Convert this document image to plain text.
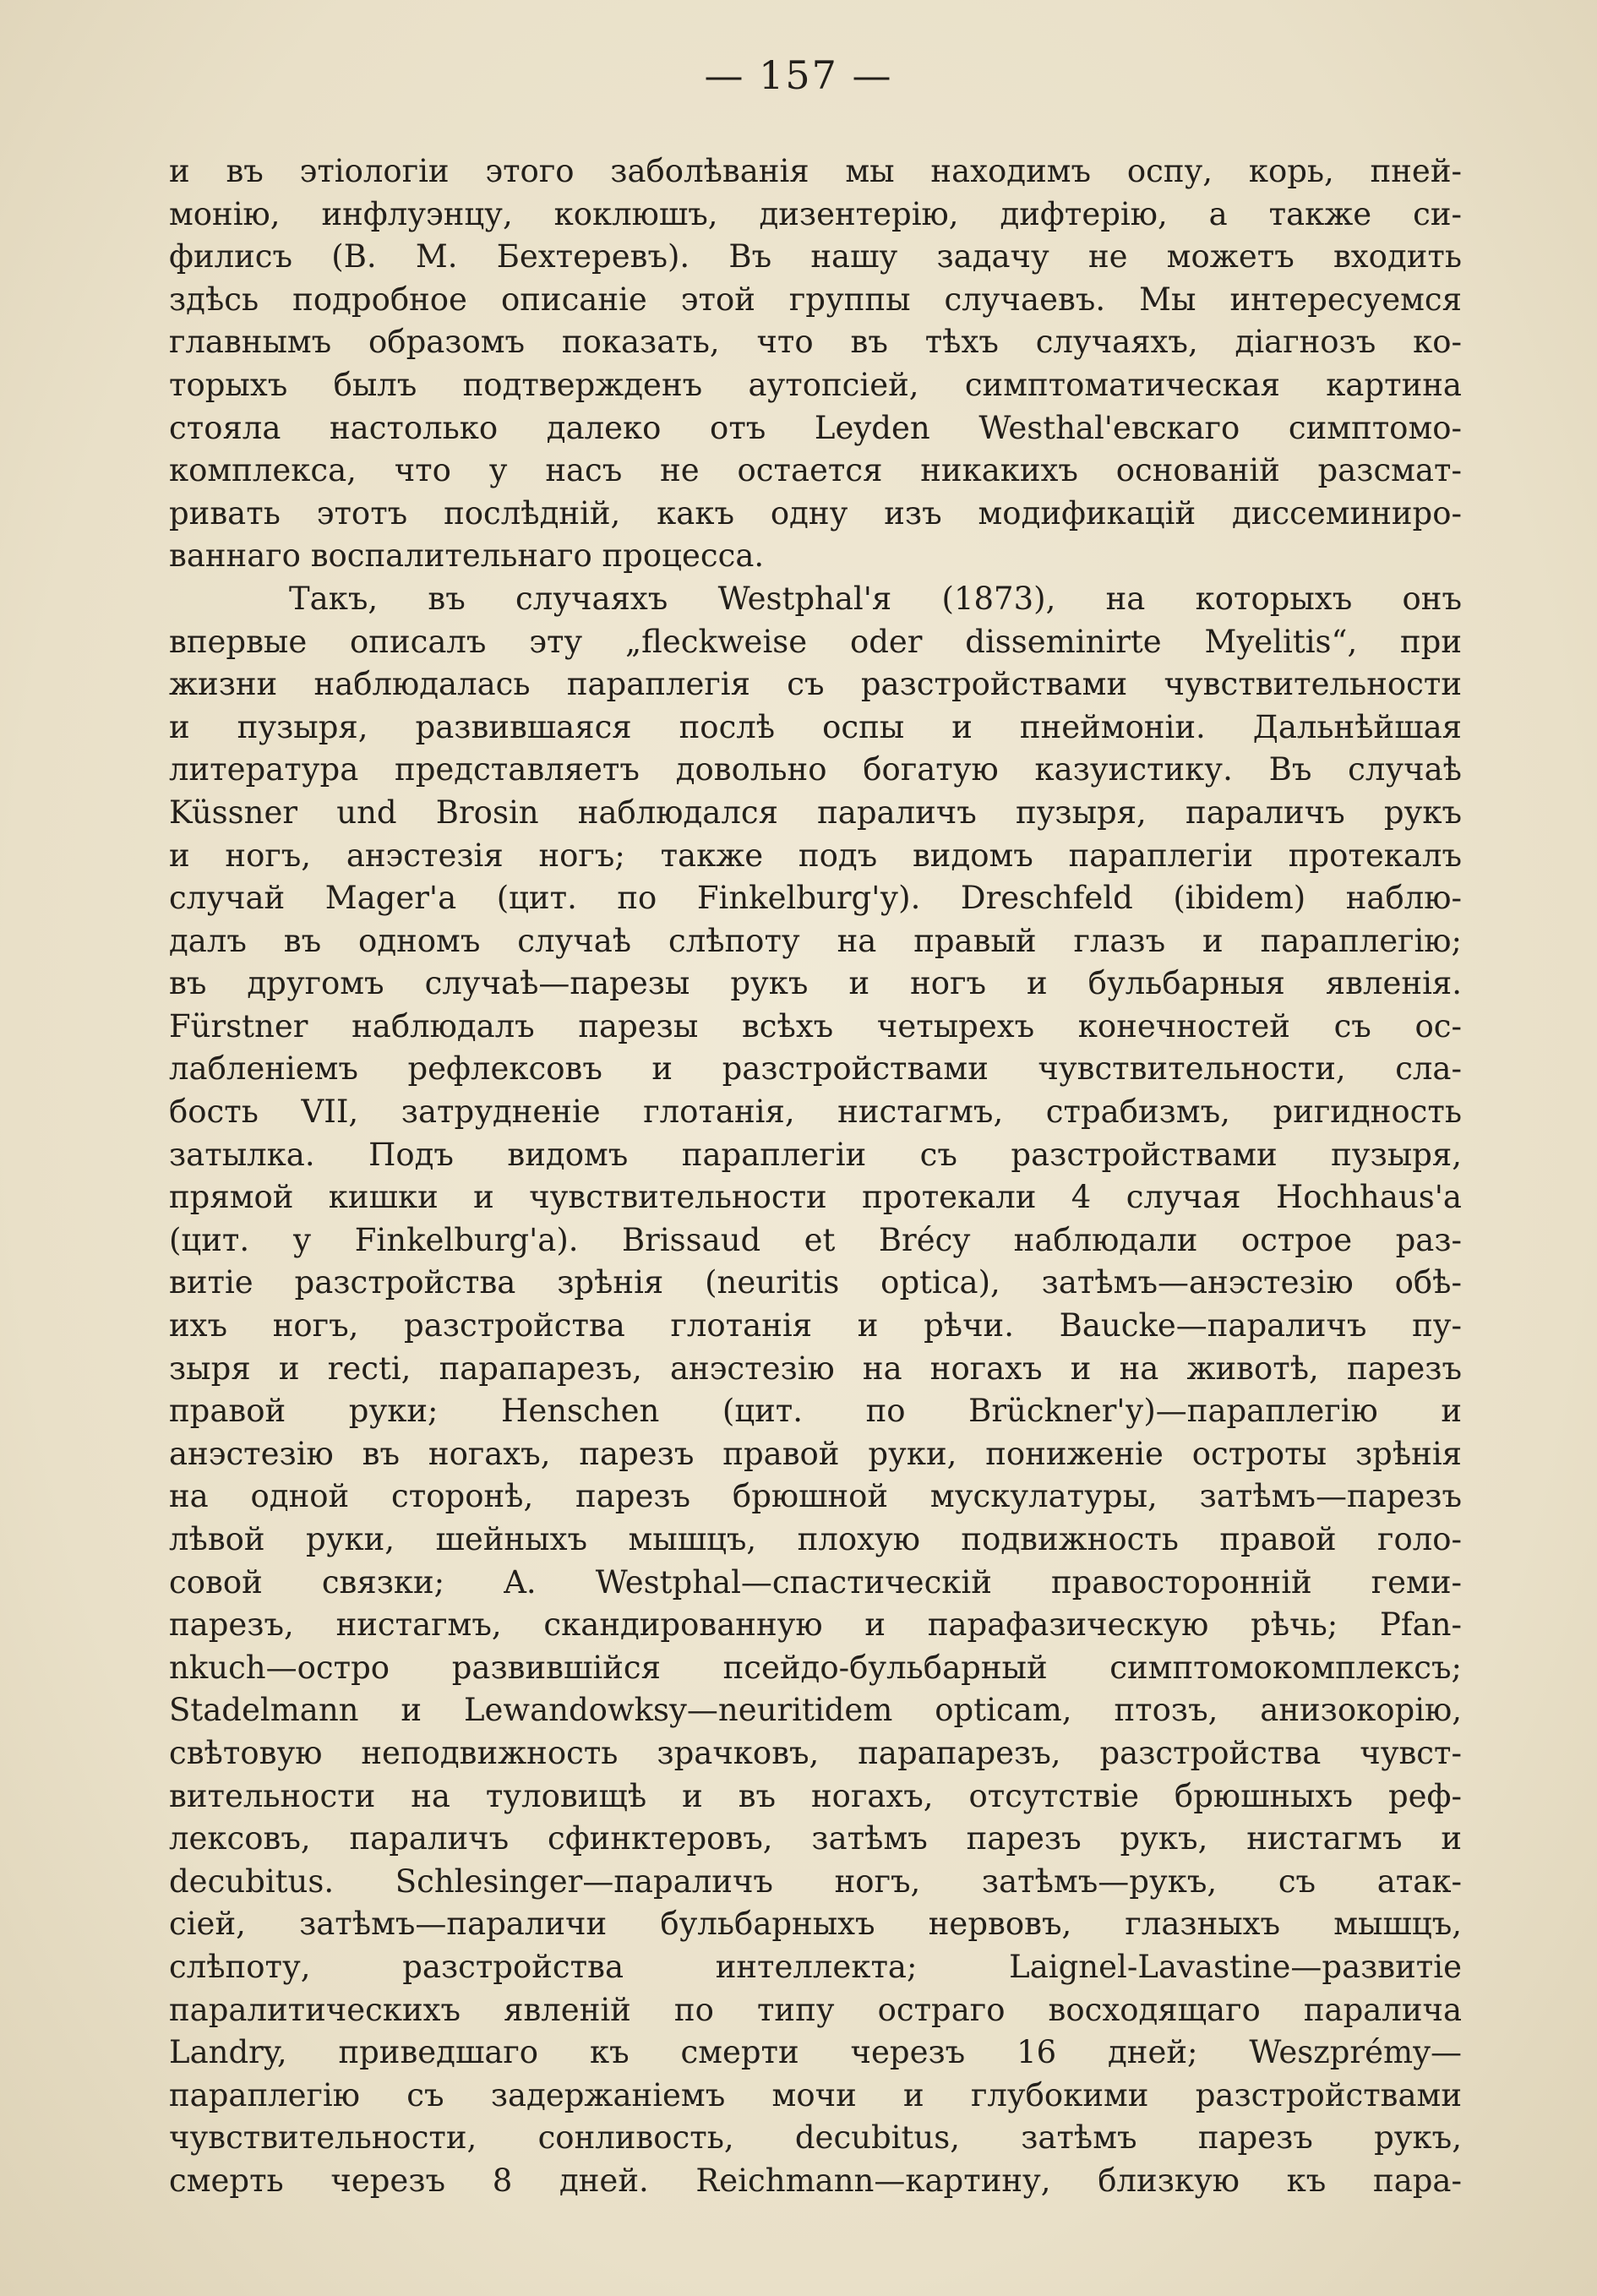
— 157 —
и въ этіологіи этого заболѣванія мы находимъ оспу, корь, пней-
монію, инфлуэнцу, коклюшъ, дизентерію, дифтерію, а также си-
филисъ (В. М. Бехтеревъ). Въ нашу задачу не можетъ входить
здѣсь подробное описаніе этой группы случаевъ. Мы интересуемся
главнымъ образомъ показать, что въ тѣхъ случаяхъ, діагнозъ ко-
торыхъ былъ подтвержденъ аутопсіей, симптоматическая картина
стояла настолько далеко отъ Leyden Westhal'евскаго симптомо-
комплекса, что у насъ не остается никакихъ основаній разсмат-
ривать этотъ послѣдній, какъ одну изъ модификацій диссеминиро-
ваннаго воспалительнаго процесса.
Такъ, въ случаяхъ Westphal'я (1873), на которыхъ онъ
впервые описалъ эту „fleckweise oder disseminirte Myelitis“, при
жизни наблюдалась параплегія съ разстройствами чувствительности
и пузыря, развившаяся послѣ оспы и пнеймоніи. Дальнѣйшая
литература представляетъ довольно богатую казуистику. Въ случаѣ
Küssner und Brosin наблюдался параличъ пузыря, параличъ рукъ
и ногъ, анэстезія ногъ; также подъ видомъ параплегіи протекалъ
случай Mager'a (цит. по Finkelburg'у). Dreschfeld (ibidem) наблю-
далъ въ одномъ случаѣ слѣпоту на правый глазъ и параплегію;
въ другомъ случаѣ—парезы рукъ и ногъ и бульбарныя явленія.
Fürstner наблюдалъ парезы всѣхъ четырехъ конечностей съ ос-
лабленіемъ рефлексовъ и разстройствами чувствительности, сла-
бость VII, затрудненіе глотанія, нистагмъ, страбизмъ, ригидность
затылка. Подъ видомъ параплегіи съ разстройствами пузыря,
прямой кишки и чувствительности протекали 4 случая Hochhaus'a
(цит. у Finkelburg'a). Brissaud et Brécy наблюдали острое раз-
витіе разстройства зрѣнія (neuritis optica), затѣмъ—анэстезію обѣ-
ихъ ногъ, разстройства глотанія и рѣчи. Baucke—параличъ пу-
зыря и recti, парапарезъ, анэстезію на ногахъ и на животѣ, парезъ
правой руки; Henschen (цит. по Brückner'у)—параплегію и
анэстезію въ ногахъ, парезъ правой руки, пониженіе остроты зрѣнія
на одной сторонѣ, парезъ брюшной мускулатуры, затѣмъ—парезъ
лѣвой руки, шейныхъ мышцъ, плохую подвижность правой голо-
совой связки; A. Westphal—спастическій правосторонній геми-
парезъ, нистагмъ, скандированную и парафазическую рѣчь; Pfan-
nkuch—остро развившійся псейдо-бульбарный симптомокомплексъ;
Stadelmann и Lewandowksy—neuritidem opticam, птозъ, анизокорію,
свѣтовую неподвижность зрачковъ, парапарезъ, разстройства чувст-
вительности на туловищѣ и въ ногахъ, отсутствіе брюшныхъ реф-
лексовъ, параличъ сфинктеровъ, затѣмъ парезъ рукъ, нистагмъ и
decubitus. Schlesinger—параличъ ногъ, затѣмъ—рукъ, съ атак-
сіей, затѣмъ—параличи бульбарныхъ нервовъ, глазныхъ мышцъ,
слѣпоту, разстройства интеллекта; Laignel-Lavastine—развитіе
паралитическихъ явленій по типу остраго восходящаго паралича
Landry, приведшаго къ смерти черезъ 16 дней; Weszprémy—
параплегію съ задержаніемъ мочи и глубокими разстройствами
чувствительности, сонливость, decubitus, затѣмъ парезъ рукъ,
смерть черезъ 8 дней. Reichmann—картину, близкую къ пара-
